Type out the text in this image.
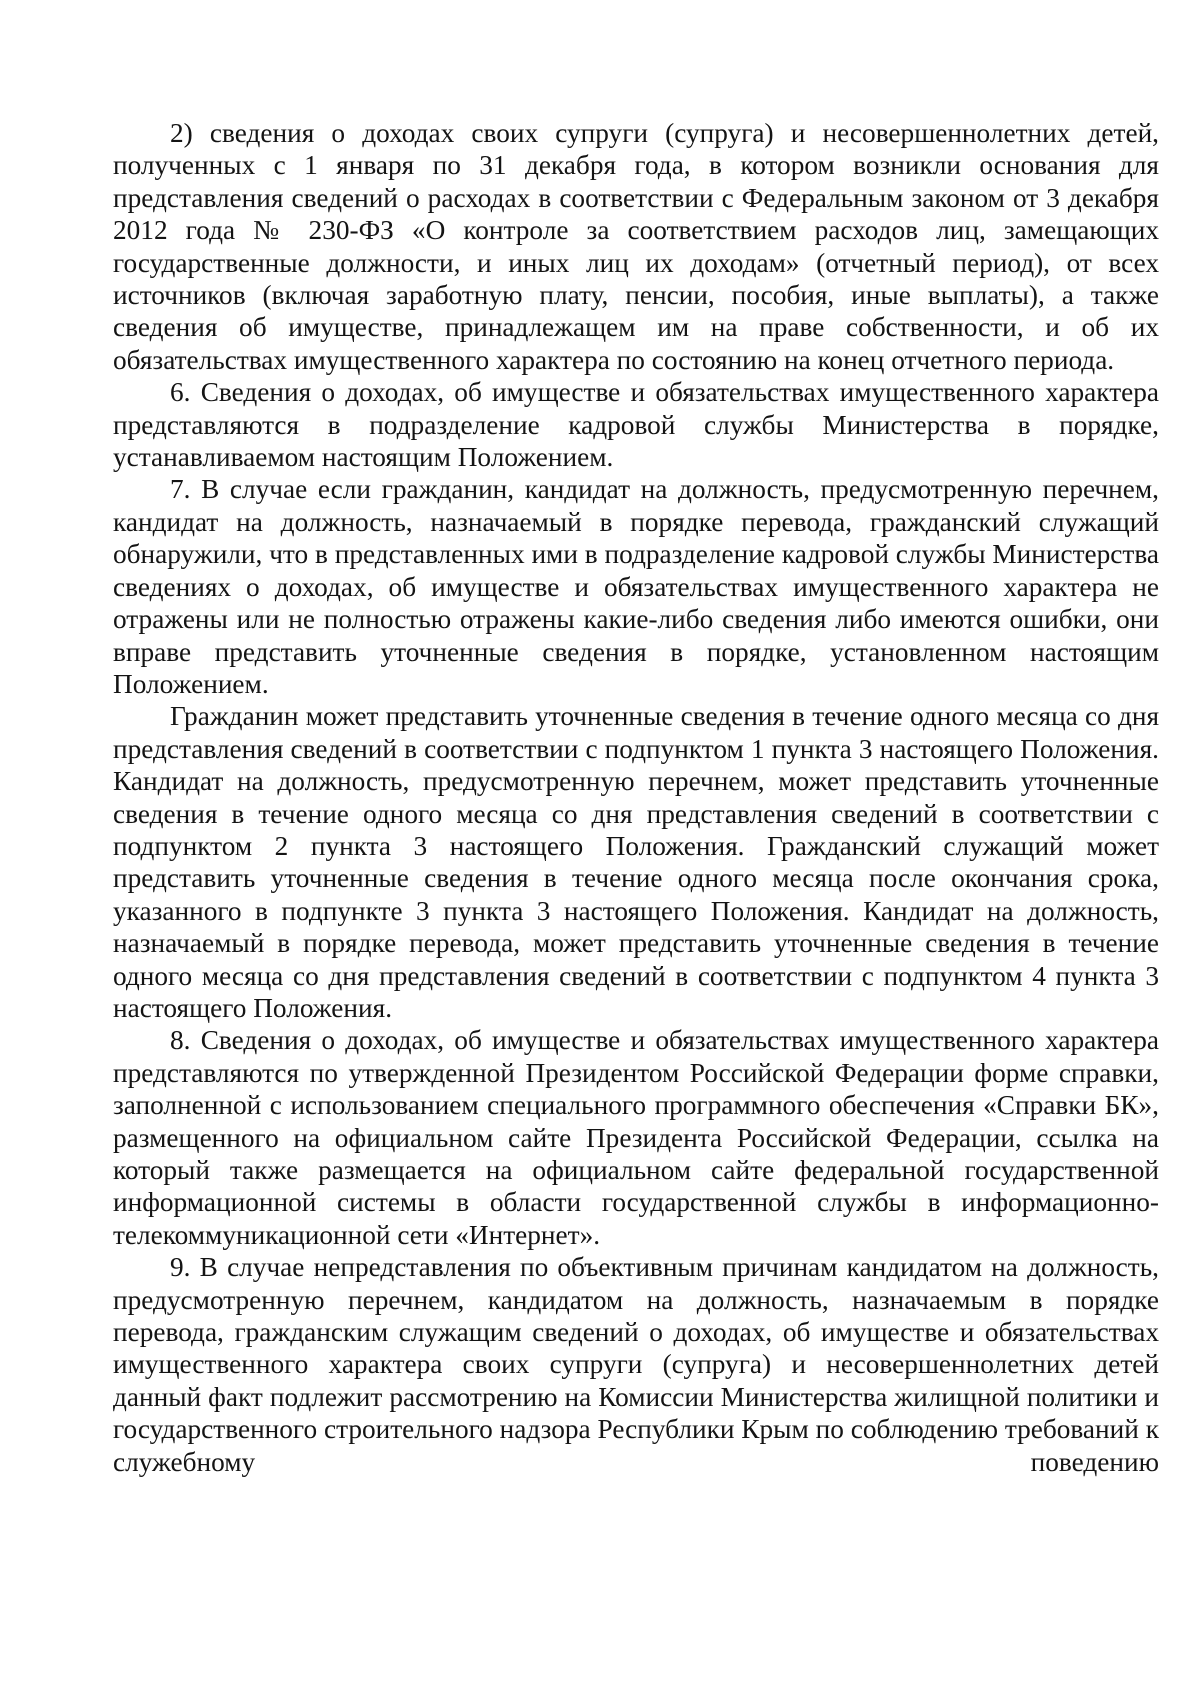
2) сведения о доходах своих супруги (супруга) и несовершеннолетних детей, полученных с 1 января по 31 декабря года, в котором возникли основания для представления сведений о расходах в соответствии с Федеральным законом от 3 декабря 2012 года № 230-ФЗ «О контроле за соответствием расходов лиц, замещающих государственные должности, и иных лиц их доходам» (отчетный период), от всех источников (включая заработную плату, пенсии, пособия, иные выплаты), а также сведения об имуществе, принадлежащем им на праве собственности, и об их обязательствах имущественного характера по состоянию на конец отчетного периода.

6. Сведения о доходах, об имуществе и обязательствах имущественного характера представляются в подразделение кадровой службы Министерства в порядке, устанавливаемом настоящим Положением.

7. В случае если гражданин, кандидат на должность, предусмотренную перечнем, кандидат на должность, назначаемый в порядке перевода, гражданский служащий обнаружили, что в представленных ими в подразделение кадровой службы Министерства сведениях о доходах, об имуществе и обязательствах имущественного характера не отражены или не полностью отражены какие-либо сведения либо имеются ошибки, они вправе представить уточненные сведения в порядке, установленном настоящим Положением.

Гражданин может представить уточненные сведения в течение одного месяца со дня представления сведений в соответствии с подпунктом 1 пункта 3 настоящего Положения. Кандидат на должность, предусмотренную перечнем, может представить уточненные сведения в течение одного месяца со дня представления сведений в соответствии с подпунктом 2 пункта 3 настоящего Положения. Гражданский служащий может представить уточненные сведения в течение одного месяца после окончания срока, указанного в подпункте 3 пункта 3 настоящего Положения. Кандидат на должность, назначаемый в порядке перевода, может представить уточненные сведения в течение одного месяца со дня представления сведений в соответствии с подпунктом 4 пункта 3 настоящего Положения.

8. Сведения о доходах, об имуществе и обязательствах имущественного характера представляются по утвержденной Президентом Российской Федерации форме справки, заполненной с использованием специального программного обеспечения «Справки БК», размещенного на официальном сайте Президента Российской Федерации, ссылка на который также размещается на официальном сайте федеральной государственной информационной системы в области государственной службы в информационно-телекоммуникационной сети «Интернет».

9. В случае непредставления по объективным причинам кандидатом на должность, предусмотренную перечнем, кандидатом на должность, назначаемым в порядке перевода, гражданским служащим сведений о доходах, об имуществе и обязательствах имущественного характера своих супруги (супруга) и несовершеннолетних детей данный факт подлежит рассмотрению на Комиссии Министерства жилищной политики и государственного строительного надзора Республики Крым по соблюдению требований к служебному поведению
